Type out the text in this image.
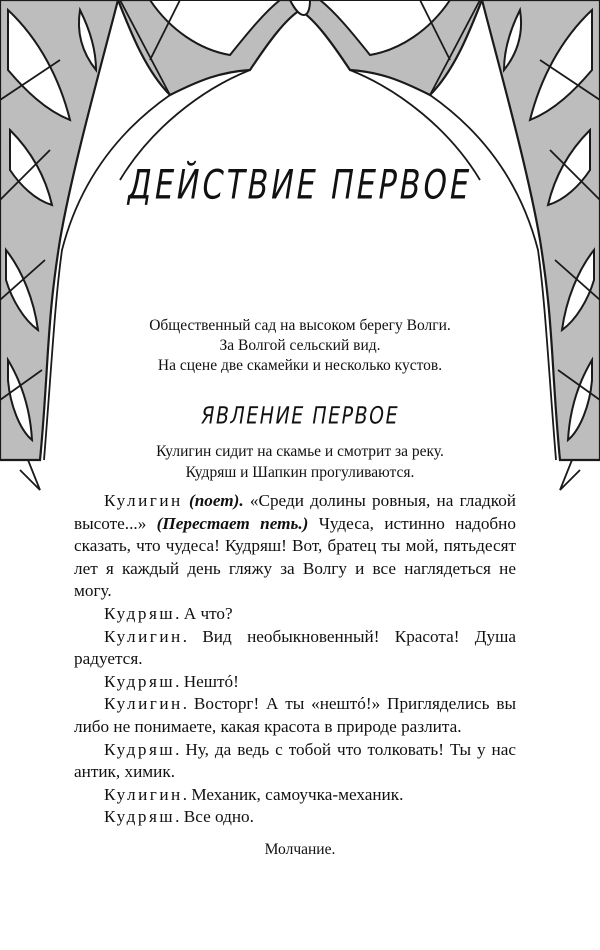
ДЕЙСТВИЕ ПЕРВОЕ
Общественный сад на высоком берегу Волги.
За Волгой сельский вид.
На сцене две скамейки и несколько кустов.
ЯВЛЕНИЕ ПЕРВОЕ
Кулигин сидит на скамье и смотрит за реку.
Кудряш и Шапкин прогуливаются.

Кулигин (поет). «Среди долины ровныя, на гладкой высоте...» (Перестает петь.) Чудеса, истинно надобно сказать, что чудеса! Кудряш! Вот, братец ты мой, пятьдесят лет я каждый день гляжу за Волгу и все наглядеться не могу.

Кудряш. А что?

Кулигин. Вид необыкновенный! Красота! Душа радуется.

Кудряш. Нештó!

Кулигин. Восторг! А ты «нештó!» Пригляделись вы либо не понимаете, какая красота в природе разлита.

Кудряш. Ну, да ведь с тобой что толковать! Ты у нас антик, химик.

Кулигин. Механик, самоучка-механик.

Кудряш. Все одно.

Молчание.
